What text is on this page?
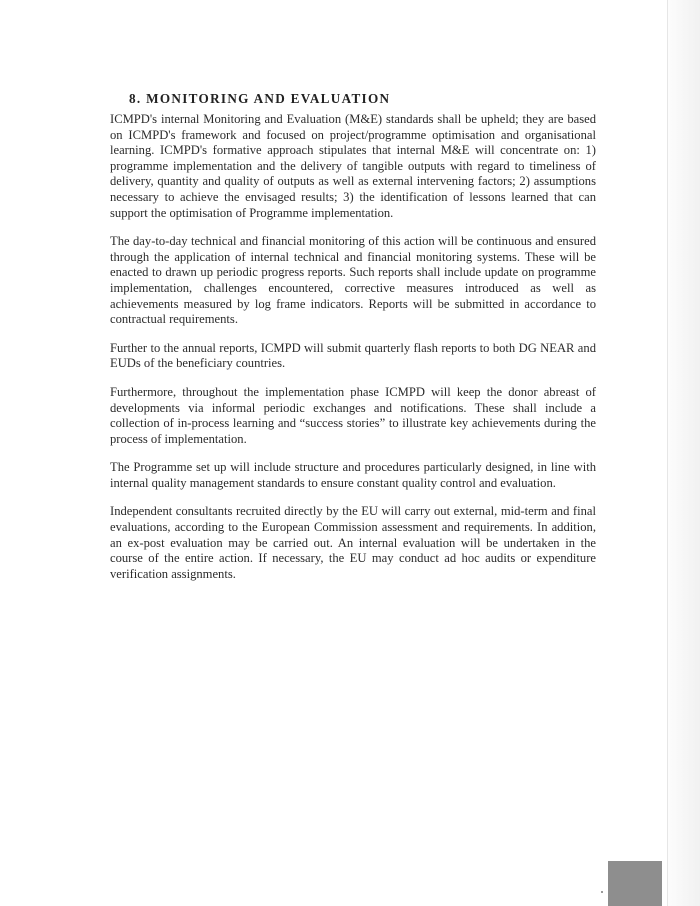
8. MONITORING AND EVALUATION

ICMPD's internal Monitoring and Evaluation (M&E) standards shall be upheld; they are based on ICMPD's framework and focused on project/programme optimisation and organisational learning. ICMPD's formative approach stipulates that internal M&E will concentrate on: 1) programme implementation and the delivery of tangible outputs with regard to timeliness of delivery, quantity and quality of outputs as well as external intervening factors; 2) assumptions necessary to achieve the envisaged results; 3) the identification of lessons learned that can support the optimisation of Programme implementation.

The day-to-day technical and financial monitoring of this action will be continuous and ensured through the application of internal technical and financial monitoring systems. These will be enacted to drawn up periodic progress reports. Such reports shall include update on programme implementation, challenges encountered, corrective measures introduced as well as achievements measured by log frame indicators. Reports will be submitted in accordance to contractual requirements.

Further to the annual reports, ICMPD will submit quarterly flash reports to both DG NEAR and EUDs of the beneficiary countries.

Furthermore, throughout the implementation phase ICMPD will keep the donor abreast of developments via informal periodic exchanges and notifications. These shall include a collection of in-process learning and “success stories” to illustrate key achievements during the process of implementation.

The Programme set up will include structure and procedures particularly designed, in line with internal quality management standards to ensure constant quality control and evaluation.

Independent consultants recruited directly by the EU will carry out external, mid-term and final evaluations, according to the European Commission assessment and requirements. In addition, an ex-post evaluation may be carried out. An internal evaluation will be undertaken in the course of the entire action. If necessary, the EU may conduct ad hoc audits or expenditure verification assignments.
